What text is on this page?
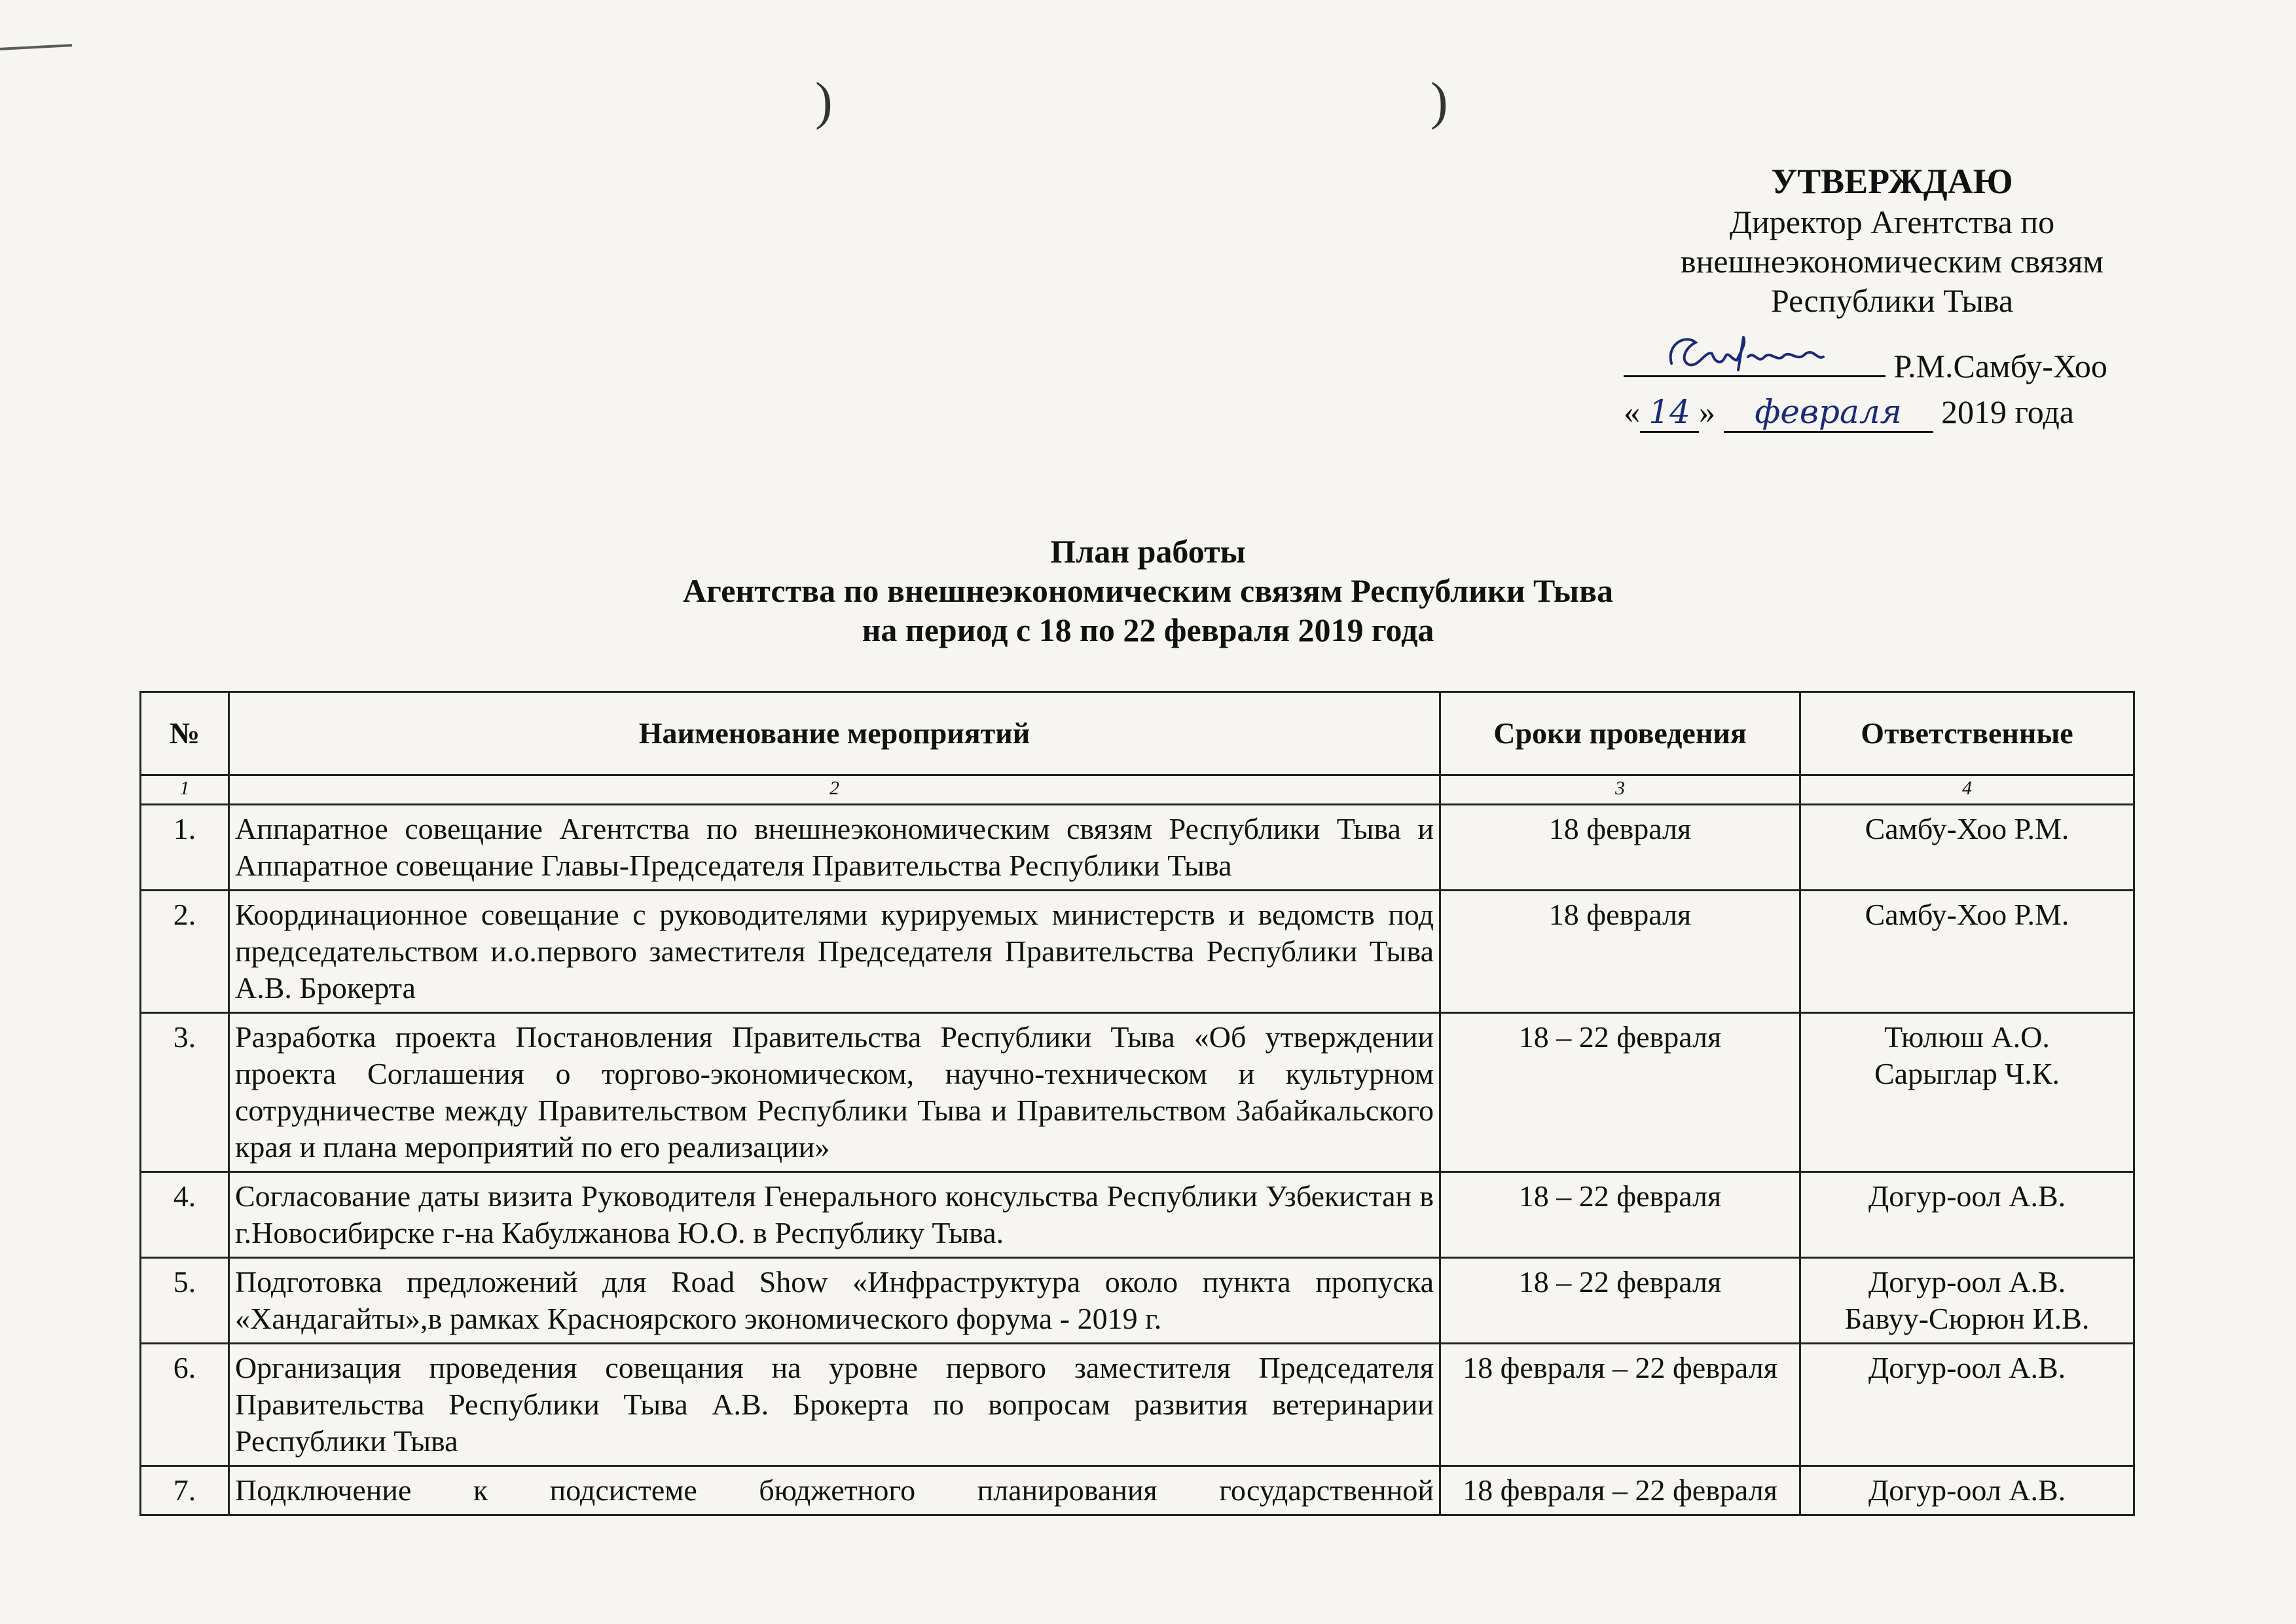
)	)
УТВЕРЖДАЮ
Директор Агентства по
внешнеэкономическим связям
Республики Тыва
Р.М.Самбу-Хоо
« 14 » февраля 2019 года
План работы
Агентства по внешнеэкономическим связям Республики Тыва
на период с 18 по 22 февраля 2019 года
№	Наименование мероприятий	Сроки проведения	Ответственные
1	2	3	4
1.	Аппаратное совещание Агентства по внешнеэкономическим связям Республики Тыва и Аппаратное совещание Главы-Председателя Правительства Республики Тыва	18 февраля	Самбу-Хоо Р.М.
2.	Координационное совещание с руководителями курируемых министерств и ведомств под председательством и.о.первого заместителя Председателя Правительства Республики Тыва А.В. Брокерта	18 февраля	Самбу-Хоо Р.М.
3.	Разработка проекта Постановления Правительства Республики Тыва «Об утверждении проекта Соглашения о торгово-экономическом, научно-техническом и культурном сотрудничестве между Правительством Республики Тыва и Правительством Забайкальского края и плана мероприятий по его реализации»	18 – 22 февраля	Тюлюш А.О.
Сарыглар Ч.К.

4.	Согласование даты визита Руководителя Генерального консульства Республики Узбекистан в г.Новосибирске г-на Кабулжанова Ю.О. в Республику Тыва.	18 – 22 февраля	Догур-оол А.В.
5.	Подготовка предложений для Road Show «Инфраструктура около пункта пропуска «Хандагайты»,в рамках Красноярского экономического форума - 2019 г.	18 – 22 февраля	Догур-оол А.В.
Бавуу-Сюрюн И.В.

6.	Организация проведения совещания на уровне первого заместителя Председателя Правительства Республики Тыва А.В. Брокерта по вопросам развития ветеринарии Республики Тыва	18 февраля – 22 февраля	Догур-оол А.В.
7.	Подключение к подсистеме бюджетного планирования государственной	18 февраля – 22 февраля	Догур-оол А.В.
